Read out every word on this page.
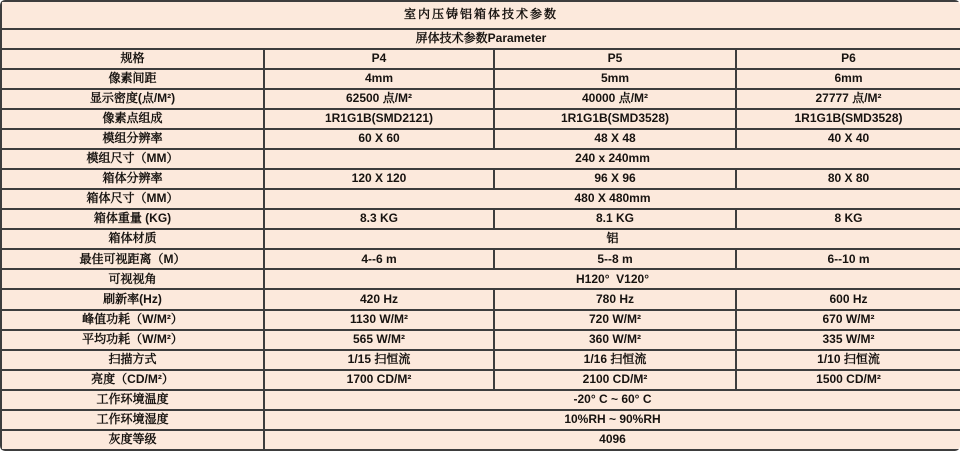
室内压铸铝箱体技术参数			
屏体技术参数Parameter			
规格	P4	P5	P6
像素间距	4mm	5mm	6mm
显示密度(点/M²)	62500 点/M²	40000 点/M²	27777 点/M²
像素点组成	1R1G1B(SMD2121)	1R1G1B(SMD3528)	1R1G1B(SMD3528)
模组分辨率	60 X 60	48 X 48	40 X 40
模组尺寸（MM）	240 x 240mm		
箱体分辨率	120 X 120	96 X 96	80 X 80
箱体尺寸（MM）	480 X 480mm		
箱体重量 (KG)	8.3 KG	8.1 KG	8 KG
箱体材质	铝		
最佳可视距离（M）	4--6 m	5--8 m	6--10 m
可视视角	H120°  V120°		
刷新率(Hz)	420 Hz	780 Hz	600 Hz
峰值功耗（W/M²）	1130 W/M²	720 W/M²	670 W/M²
平均功耗（W/M²）	565 W/M²	360 W/M²	335 W/M²
扫描方式	1/15 扫恒流	1/16 扫恒流	1/10 扫恒流
亮度（CD/M²）	1700 CD/M²	2100 CD/M²	1500 CD/M²
工作环境温度	-20° C ~ 60° C		
工作环境湿度	10%RH ~ 90%RH		
灰度等级	4096		
